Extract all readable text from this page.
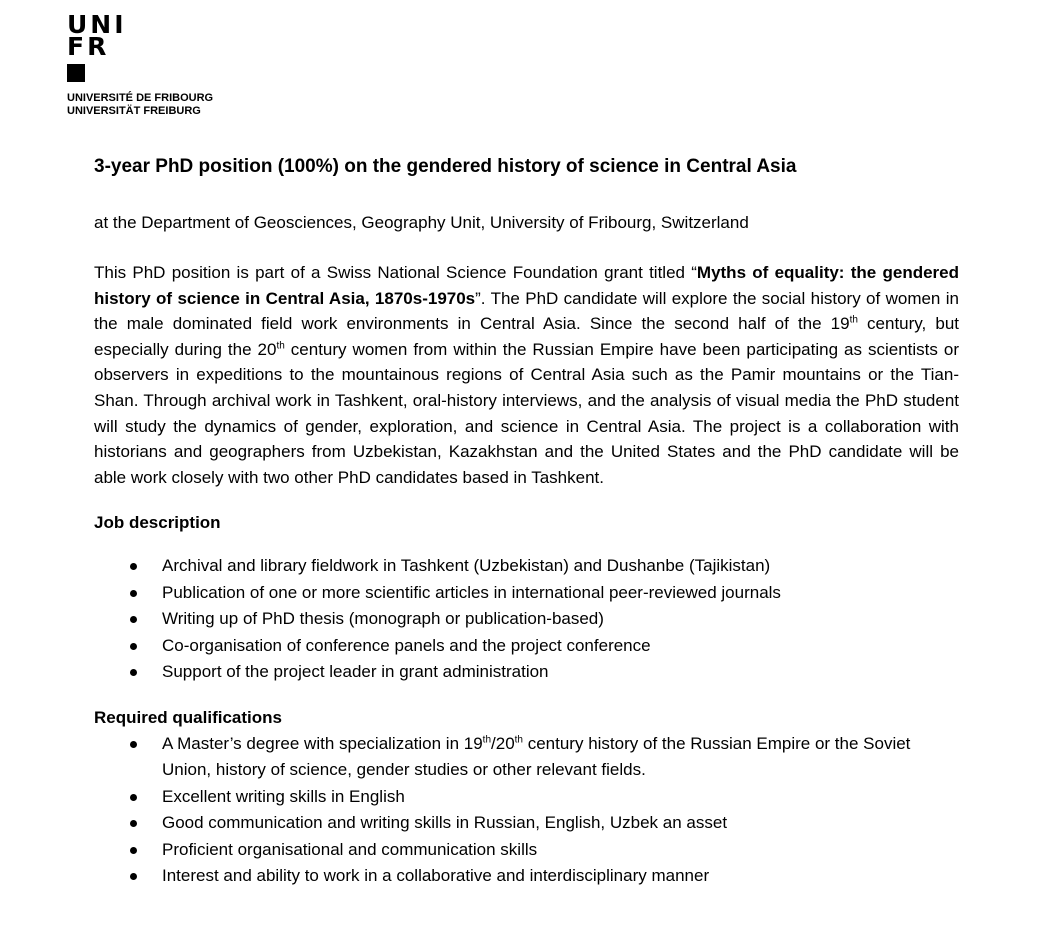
UNI
FR
UNIVERSITÉ DE FRIBOURG
UNIVERSITÄT FREIBURG
3-year PhD position (100%) on the gendered history of science in Central Asia
at the Department of Geosciences, Geography Unit, University of Fribourg, Switzerland
This PhD position is part of a Swiss National Science Foundation grant titled “Myths of equality: the gendered history of science in Central Asia, 1870s-1970s”. The PhD candidate will explore the social history of women in the male dominated field work environments in Central Asia. Since the second half of the 19th century, but especially during the 20th century women from within the Russian Empire have been participating as scientists or observers in expeditions to the mountainous regions of Central Asia such as the Pamir mountains or the Tian-Shan. Through archival work in Tashkent, oral-history interviews, and the analysis of visual media the PhD student will study the dynamics of gender, exploration, and science in Central Asia. The project is a collaboration with historians and geographers from Uzbekistan, Kazakhstan and the United States and the PhD candidate will be able work closely with two other PhD candidates based in Tashkent.
Job description
Archival and library fieldwork in Tashkent (Uzbekistan) and Dushanbe (Tajikistan)
Publication of one or more scientific articles in international peer-reviewed journals
Writing up of PhD thesis (monograph or publication-based)
Co-organisation of conference panels and the project conference
Support of the project leader in grant administration
Required qualifications
A Master’s degree with specialization in 19th/20th century history of the Russian Empire or the Soviet Union, history of science, gender studies or other relevant fields.
Excellent writing skills in English
Good communication and writing skills in Russian, English, Uzbek an asset
Proficient organisational and communication skills
Interest and ability to work in a collaborative and interdisciplinary manner
